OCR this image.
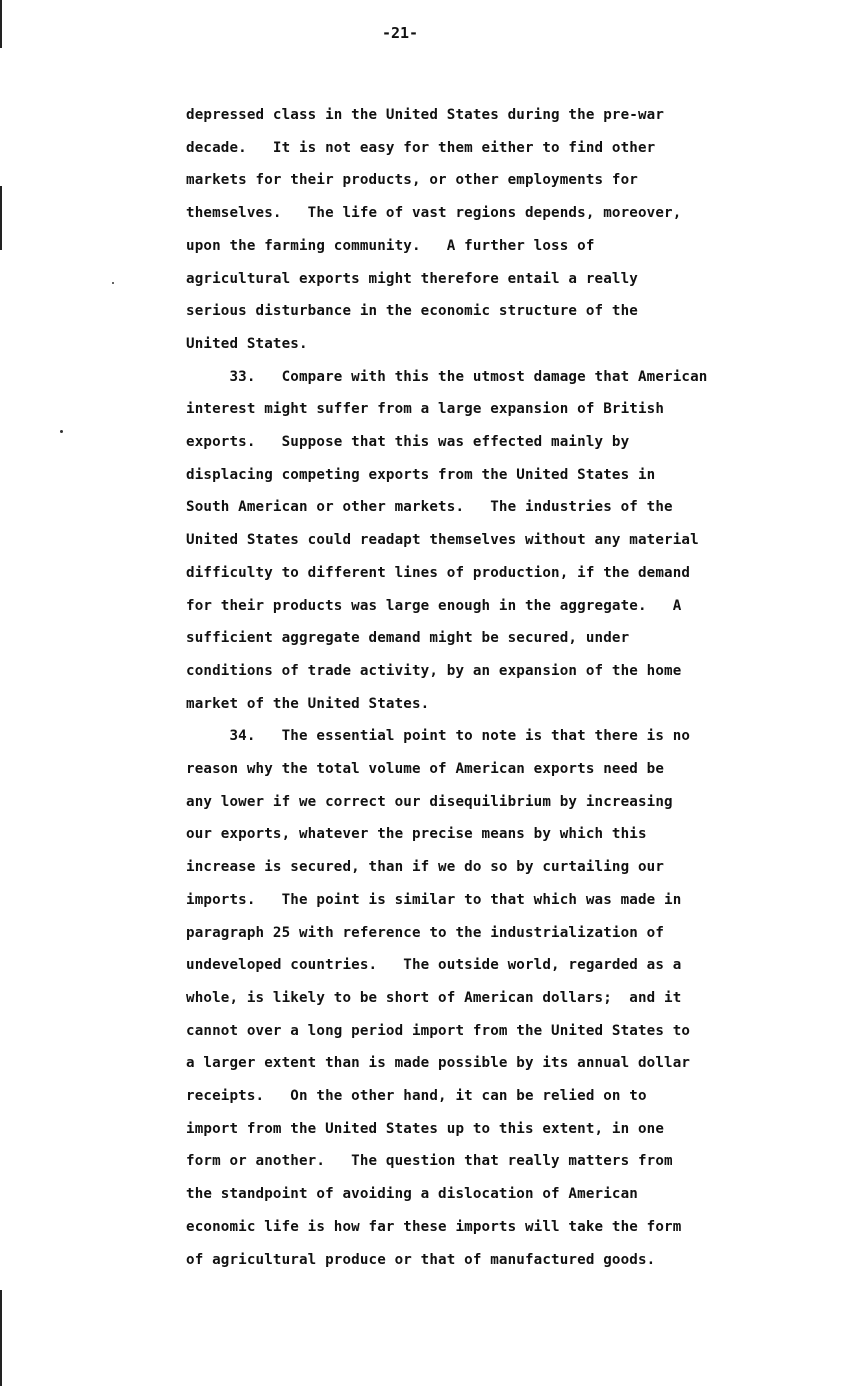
-21-
depressed class in the United States during the pre-war
decade.   It is not easy for them either to find other
markets for their products, or other employments for
themselves.   The life of vast regions depends, moreover,
upon the farming community.   A further loss of
agricultural exports might therefore entail a really
serious disturbance in the economic structure of the
United States.
33.   Compare with this the utmost damage that American
interest might suffer from a large expansion of British
exports.   Suppose that this was effected mainly by
displacing competing exports from the United States in
South American or other markets.   The industries of the
United States could readapt themselves without any material
difficulty to different lines of production, if the demand
for their products was large enough in the aggregate.   A
sufficient aggregate demand might be secured, under
conditions of trade activity, by an expansion of the home
market of the United States.
34.   The essential point to note is that there is no
reason why the total volume of American exports need be
any lower if we correct our disequilibrium by increasing
our exports, whatever the precise means by which this
increase is secured, than if we do so by curtailing our
imports.   The point is similar to that which was made in
paragraph 25 with reference to the industrialization of
undeveloped countries.   The outside world, regarded as a
whole, is likely to be short of American dollars;  and it
cannot over a long period import from the United States to
a larger extent than is made possible by its annual dollar
receipts.   On the other hand, it can be relied on to
import from the United States up to this extent, in one
form or another.   The question that really matters from
the standpoint of avoiding a dislocation of American
economic life is how far these imports will take the form
of agricultural produce or that of manufactured goods.
